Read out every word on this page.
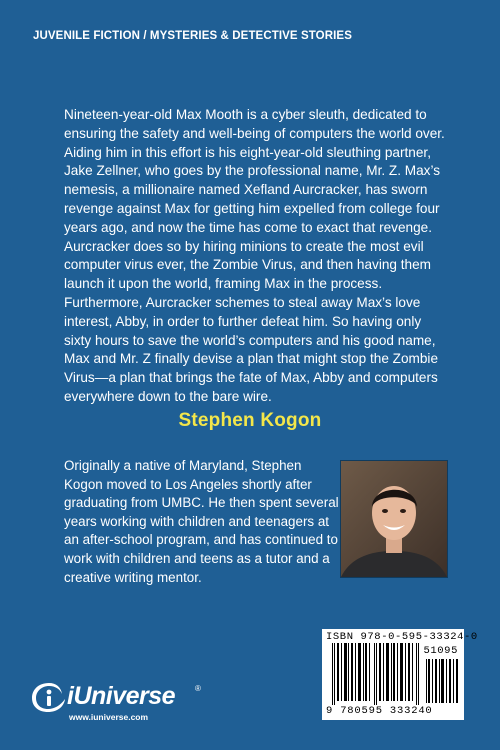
JUVENILE FICTION / MYSTERIES & DETECTIVE STORIES

Nineteen-year-old Max Mooth is a cyber sleuth, dedicated to ensuring the safety and well-being of computers the world over. Aiding him in this effort is his eight-year-old sleuthing partner, Jake Zellner, who goes by the professional name, Mr. Z. Max’s nemesis, a millionaire named Xefland Aurcracker, has sworn revenge against Max for getting him expelled from college four years ago, and now the time has come to exact that revenge. Aurcracker does so by hiring minions to create the most evil computer virus ever, the Zombie Virus, and then having them launch it upon the world, framing Max in the process. Furthermore, Aurcracker schemes to steal away Max’s love interest, Abby, in order to further defeat him. So having only sixty hours to save the world’s computers and his good name, Max and Mr. Z finally devise a plan that might stop the Zombie Virus—a plan that brings the fate of Max, Abby and computers everywhere down to the bare wire.

Stephen Kogon

Originally a native of Maryland, Stephen Kogon moved to Los Angeles shortly after graduating from UMBC. He then spent several years working with children and teenagers at an after-school program, and has continued to work with children and teens as a tutor and a creative writing mentor.

ISBN 978-0-595-33324-0
51095
9 780595 333240
iUniverse ®
www.iuniverse.com
